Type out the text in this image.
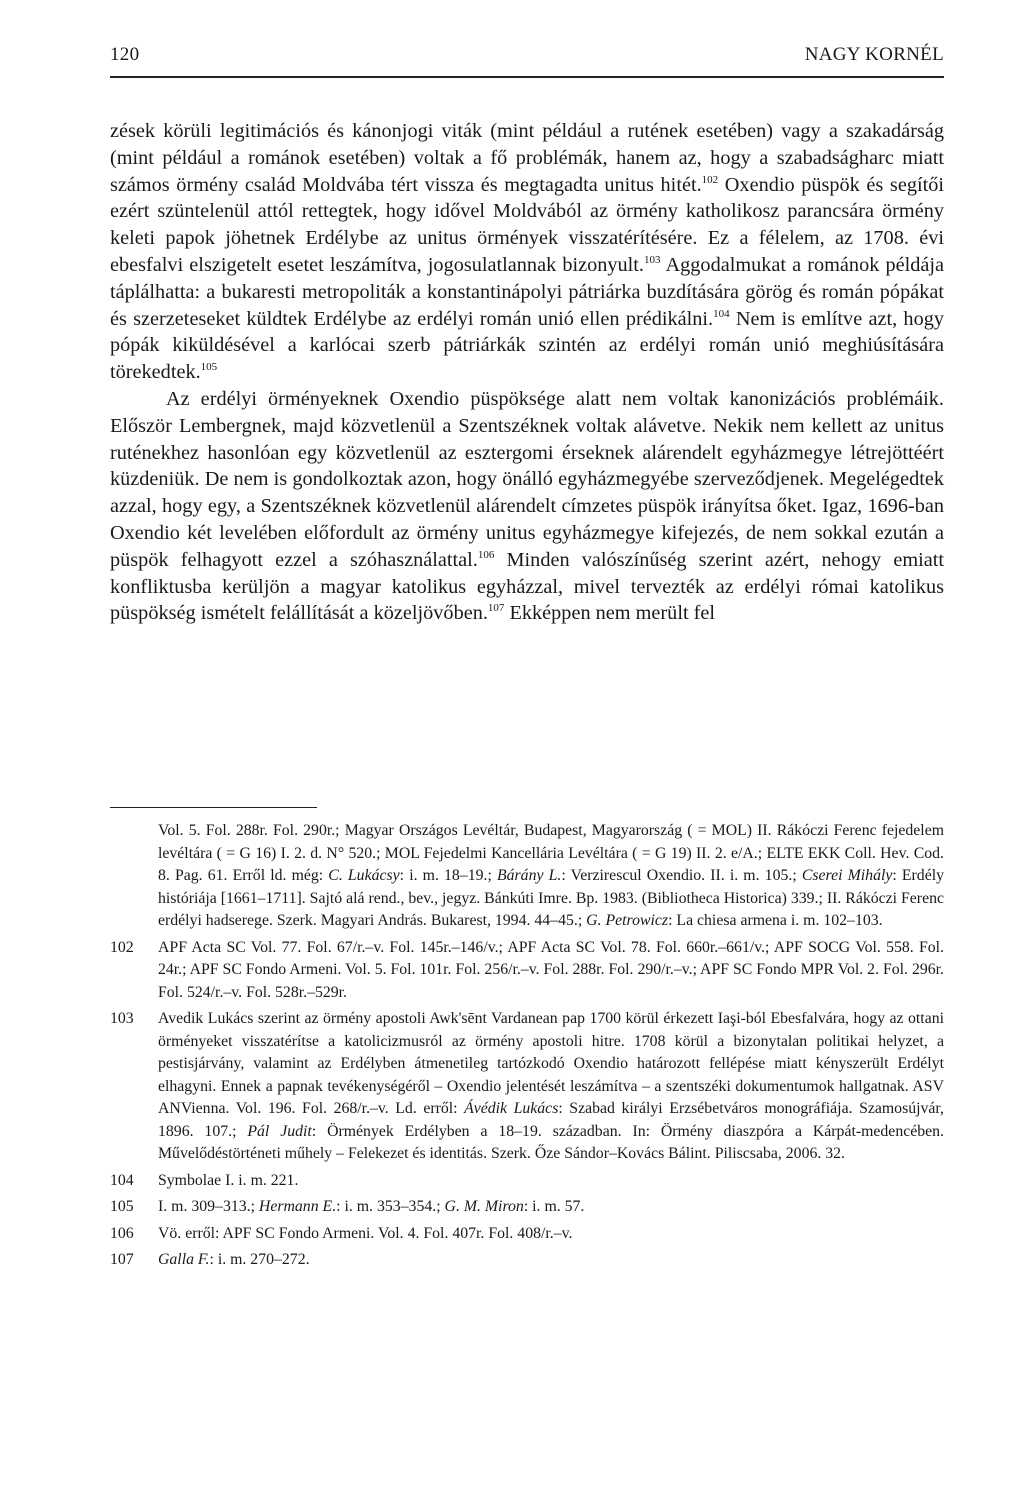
120	NAGY KORNÉL

zések körüli legitimációs és kánonjogi viták (mint például a rutének esetében) vagy a szakadárság (mint például a románok esetében) voltak a fő problémák, hanem az, hogy a szabadságharc miatt számos örmény család Moldvába tért vissza és megtagadta unitus hitét.$^{102}$ Oxendio püspök és segítői ezért szüntelenül attól rettegtek, hogy idővel Moldvából az örmény katholikosz parancsára örmény keleti papok jöhetnek Erdélybe az unitus örmények visszatérítésére. Ez a félelem, az 1708. évi ebesfalvi elszigetelt esetet leszámítva, jogosulatlannak bizonyult.$^{103}$ Aggodalmukat a románok példája táplálhatta: a bukaresti metropoliták a konstantinápolyi pátriárka buzdítására görög és román pópákat és szerzeteseket küldtek Erdélybe az erdélyi román unió ellen prédikálni.$^{104}$ Nem is említve azt, hogy pópák kiküldésével a karlócai szerb pátriárkák szintén az erdélyi román unió meghiúsítására törekedtek.$^{105}$

Az erdélyi örményeknek Oxendio püspöksége alatt nem voltak kanonizációs problémáik. Először Lembergnek, majd közvetlenül a Szentszéknek voltak alávetve. Nekik nem kellett az unitus ruténekhez hasonlóan egy közvetlenül az esztergomi érseknek alárendelt egyházmegye létrejöttéért küzdeniük. De nem is gondolkoztak azon, hogy önálló egyházmegyébe szerveződjenek. Megelégedtek azzal, hogy egy, a Szentszéknek közvetlenül alárendelt címzetes püspök irányítsa őket. Igaz, 1696-ban Oxendio két levelében előfordult az örmény unitus egyházmegye kifejezés, de nem sokkal ezután a püspök felhagyott ezzel a szóhasználattal.$^{106}$ Minden valószínűség szerint azért, nehogy emiatt konfliktusba kerüljön a magyar katolikus egyházzal, mivel tervezték az erdélyi római katolikus püspökség ismételt felállítását a közeljövőben.$^{107}$ Ekképpen nem merült fel

Vol. 5. Fol. 288r. Fol. 290r.; Magyar Országos Levéltár, Budapest, Magyarország ( = MOL) II. Rákóczi Ferenc fejedelem levéltára ( = G 16) I. 2. d. N° 520.; MOL Fejedelmi Kancellária Levéltára ( = G 19) II. 2. e/A.; ELTE EKK Coll. Hev. Cod. 8. Pag. 61. Erről ld. még: C. Lukácsy: i. m. 18–19.; Bárány L.: Verzirescul Oxendio. II. i. m. 105.; Cserei Mihály: Erdély históriája [1661–1711]. Sajtó alá rend., bev., jegyz. Bánkúti Imre. Bp. 1983. (Bibliotheca Historica) 339.; II. Rákóczi Ferenc erdélyi hadserege. Szerk. Magyari András. Bukarest, 1994. 44–45.; G. Petrowicz: La chiesa armena i. m. 102–103.
102	APF Acta SC Vol. 77. Fol. 67/r.–v. Fol. 145r.–146/v.; APF Acta SC Vol. 78. Fol. 660r.–661/v.; APF SOCG Vol. 558. Fol. 24r.; APF SC Fondo Armeni. Vol. 5. Fol. 101r. Fol. 256/r.–v. Fol. 288r. Fol. 290/r.–v.; APF SC Fondo MPR Vol. 2. Fol. 296r. Fol. 524/r.–v. Fol. 528r.–529r.
103	Avedik Lukács szerint az örmény apostoli Awk'sēnt Vardanean pap 1700 körül érkezett Iaşi-ból Ebesfalvára, hogy az ottani örményeket visszatérítse a katolicizmusról az örmény apostoli hitre. 1708 körül a bizonytalan politikai helyzet, a pestisjárvány, valamint az Erdélyben átmenetileg tartózkodó Oxendio határozott fellépése miatt kényszerült Erdélyt elhagyni. Ennek a papnak tevékenységéről – Oxendio jelentését leszámítva – a szentszéki dokumentumok hallgatnak. ASV ANVienna. Vol. 196. Fol. 268/r.–v. Ld. erről: Ávédik Lukács: Szabad királyi Erzsébetváros monográfiája. Szamosújvár, 1896. 107.; Pál Judit: Örmények Erdélyben a 18–19. században. In: Örmény diaszpóra a Kárpát-medencében. Művelődéstörténeti műhely – Felekezet és identitás. Szerk. Őze Sándor–Kovács Bálint. Piliscsaba, 2006. 32.
104	Symbolae I. i. m. 221.
105	I. m. 309–313.; Hermann E.: i. m. 353–354.; G. M. Miron: i. m. 57.
106	Vö. erről: APF SC Fondo Armeni. Vol. 4. Fol. 407r. Fol. 408/r.–v.
107	Galla F.: i. m. 270–272.
